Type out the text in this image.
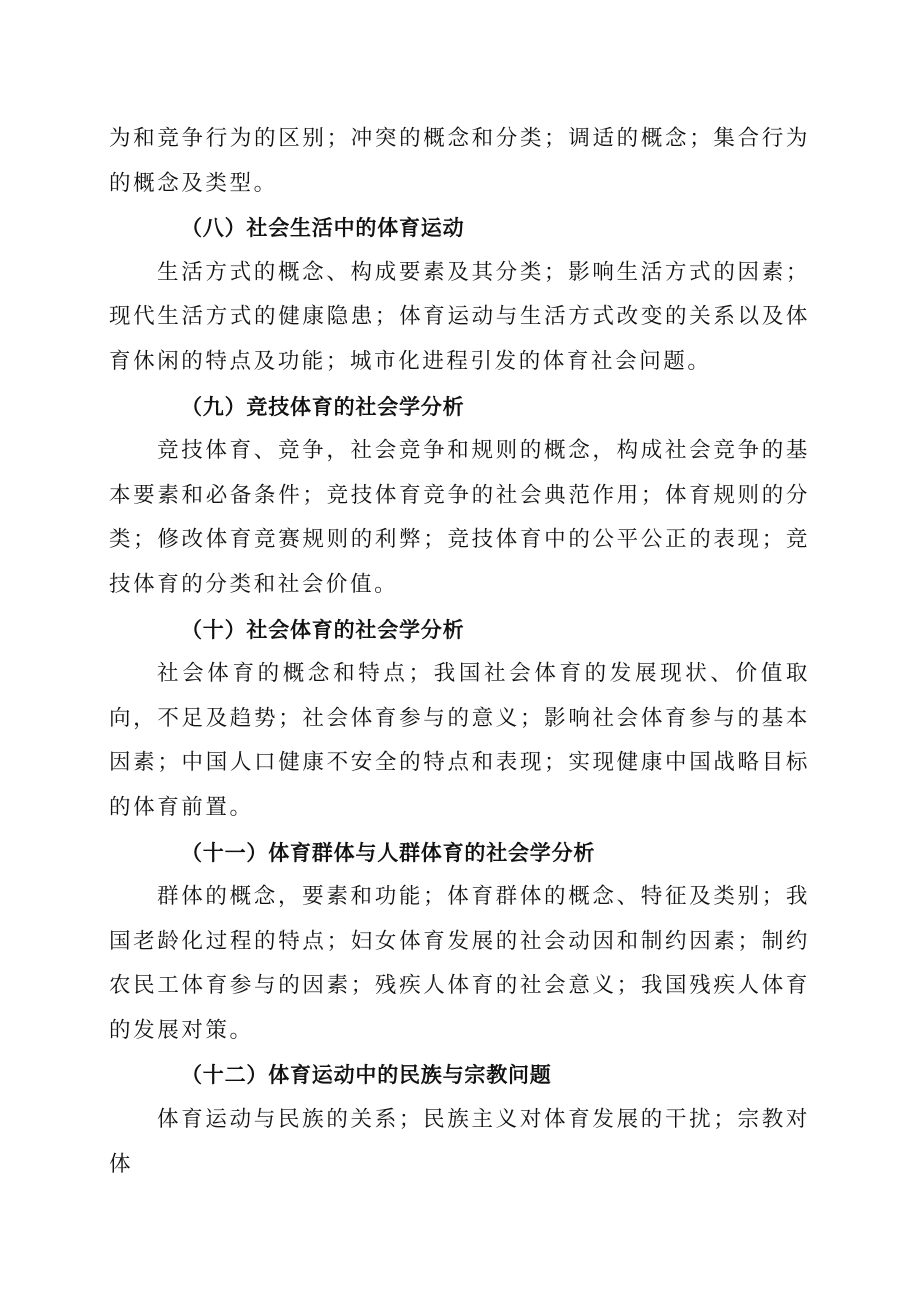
为和竞争行为的区别；冲突的概念和分类；调适的概念；集合行为的概念及类型。

（八）社会生活中的体育运动

生活方式的概念、构成要素及其分类；影响生活方式的因素；现代生活方式的健康隐患；体育运动与生活方式改变的关系以及体育休闲的特点及功能；城市化进程引发的体育社会问题。

（九）竞技体育的社会学分析

竞技体育、竞争，社会竞争和规则的概念，构成社会竞争的基本要素和必备条件；竞技体育竞争的社会典范作用；体育规则的分类；修改体育竞赛规则的利弊；竞技体育中的公平公正的表现；竞技体育的分类和社会价值。

（十）社会体育的社会学分析

社会体育的概念和特点；我国社会体育的发展现状、价值取向，不足及趋势；社会体育参与的意义；影响社会体育参与的基本因素；中国人口健康不安全的特点和表现；实现健康中国战略目标的体育前置。

（十一）体育群体与人群体育的社会学分析

群体的概念，要素和功能；体育群体的概念、特征及类别；我国老龄化过程的特点；妇女体育发展的社会动因和制约因素；制约农民工体育参与的因素；残疾人体育的社会意义；我国残疾人体育的发展对策。

（十二）体育运动中的民族与宗教问题

体育运动与民族的关系；民族主义对体育发展的干扰；宗教对体
